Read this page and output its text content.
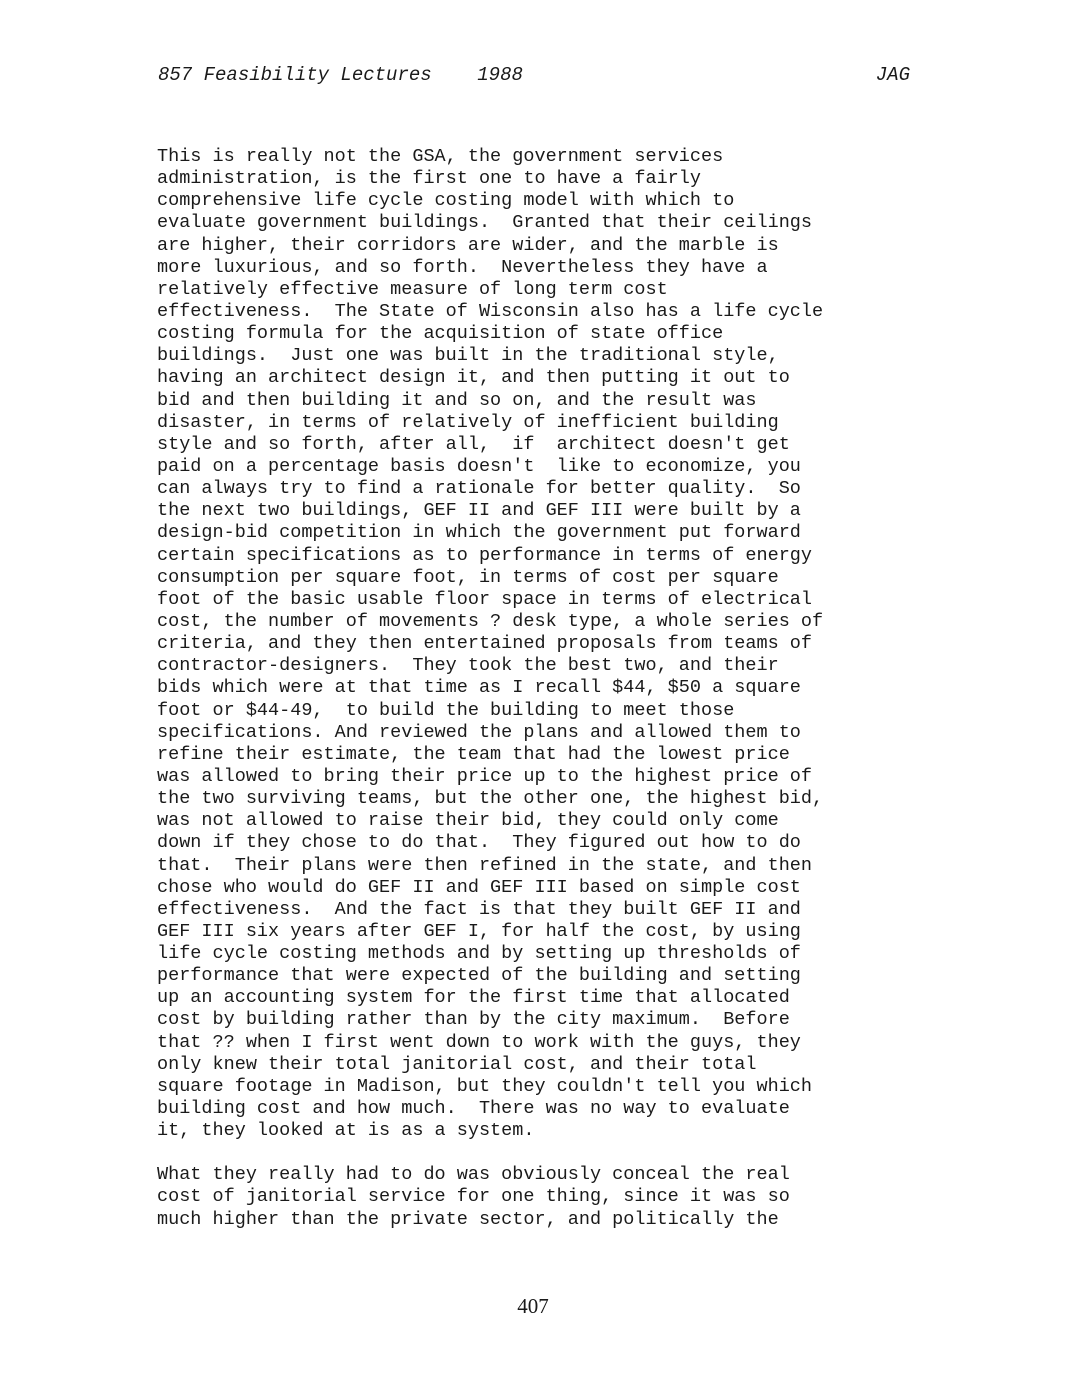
857 Feasibility Lectures 1988	JAG
This is really not the GSA, the government services
administration, is the first one to have a fairly
comprehensive life cycle costing model with which to
evaluate government buildings.  Granted that their ceilings
are higher, their corridors are wider, and the marble is
more luxurious, and so forth.  Nevertheless they have a
relatively effective measure of long term cost
effectiveness.  The State of Wisconsin also has a life cycle
costing formula for the acquisition of state office
buildings.  Just one was built in the traditional style,
having an architect design it, and then putting it out to
bid and then building it and so on, and the result was
disaster, in terms of relatively of inefficient building
style and so forth, after all,  if  architect doesn't get
paid on a percentage basis doesn't  like to economize, you
can always try to find a rationale for better quality.  So
the next two buildings, GEF II and GEF III were built by a
design-bid competition in which the government put forward
certain specifications as to performance in terms of energy
consumption per square foot, in terms of cost per square
foot of the basic usable floor space in terms of electrical
cost, the number of movements ? desk type, a whole series of
criteria, and they then entertained proposals from teams of
contractor-designers.  They took the best two, and their
bids which were at that time as I recall $44, $50 a square
foot or $44-49,  to build the building to meet those
specifications. And reviewed the plans and allowed them to
refine their estimate, the team that had the lowest price
was allowed to bring their price up to the highest price of
the two surviving teams, but the other one, the highest bid,
was not allowed to raise their bid, they could only come
down if they chose to do that.  They figured out how to do
that.  Their plans were then refined in the state, and then
chose who would do GEF II and GEF III based on simple cost
effectiveness.  And the fact is that they built GEF II and
GEF III six years after GEF I, for half the cost, by using
life cycle costing methods and by setting up thresholds of
performance that were expected of the building and setting
up an accounting system for the first time that allocated
cost by building rather than by the city maximum.  Before
that ?? when I first went down to work with the guys, they
only knew their total janitorial cost, and their total
square footage in Madison, but they couldn't tell you which
building cost and how much.  There was no way to evaluate
it, they looked at is as a system.
What they really had to do was obviously conceal the real
cost of janitorial service for one thing, since it was so
much higher than the private sector, and politically the
407
